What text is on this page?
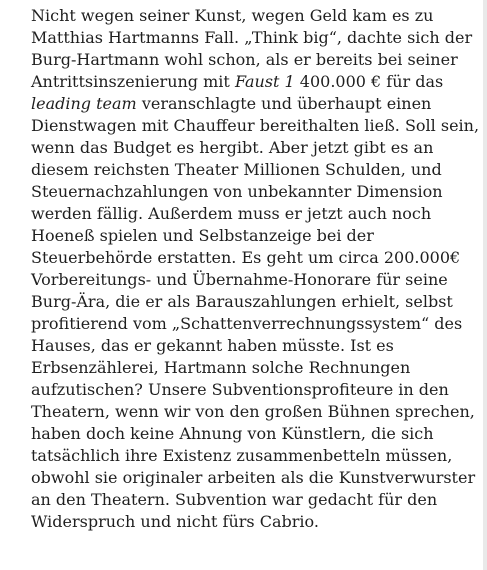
Nicht wegen seiner Kunst, wegen Geld kam es zu
Matthias Hartmanns Fall. „Think big“, dachte sich der
Burg-Hartmann wohl schon, als er bereits bei seiner
Antrittsinszenierung mit Faust 1 400.000 € für das
leading team veranschlagte und überhaupt einen
Dienstwagen mit Chauffeur bereithalten ließ. Soll sein,
wenn das Budget es hergibt. Aber jetzt gibt es an
diesem reichsten Theater Millionen Schulden, und
Steuernachzahlungen von unbekannter Dimension
werden fällig. Außerdem muss er jetzt auch noch
Hoeneß spielen und Selbstanzeige bei der
Steuerbehörde erstatten. Es geht um circa 200.000€
Vorbereitungs- und Übernahme-Honorare für seine
Burg-Ära, die er als Barauszahlungen erhielt, selbst
profitierend vom „Schattenverrechnungssystem“ des
Hauses, das er gekannt haben müsste. Ist es
Erbsenzählerei, Hartmann solche Rechnungen
aufzutischen? Unsere Subventionsprofiteure in den
Theatern, wenn wir von den großen Bühnen sprechen,
haben doch keine Ahnung von Künstlern, die sich
tatsächlich ihre Existenz zusammenbetteln müssen,
obwohl sie originaler arbeiten als die Kunstverwurster
an den Theatern. Subvention war gedacht für den
Widerspruch und nicht fürs Cabrio.
